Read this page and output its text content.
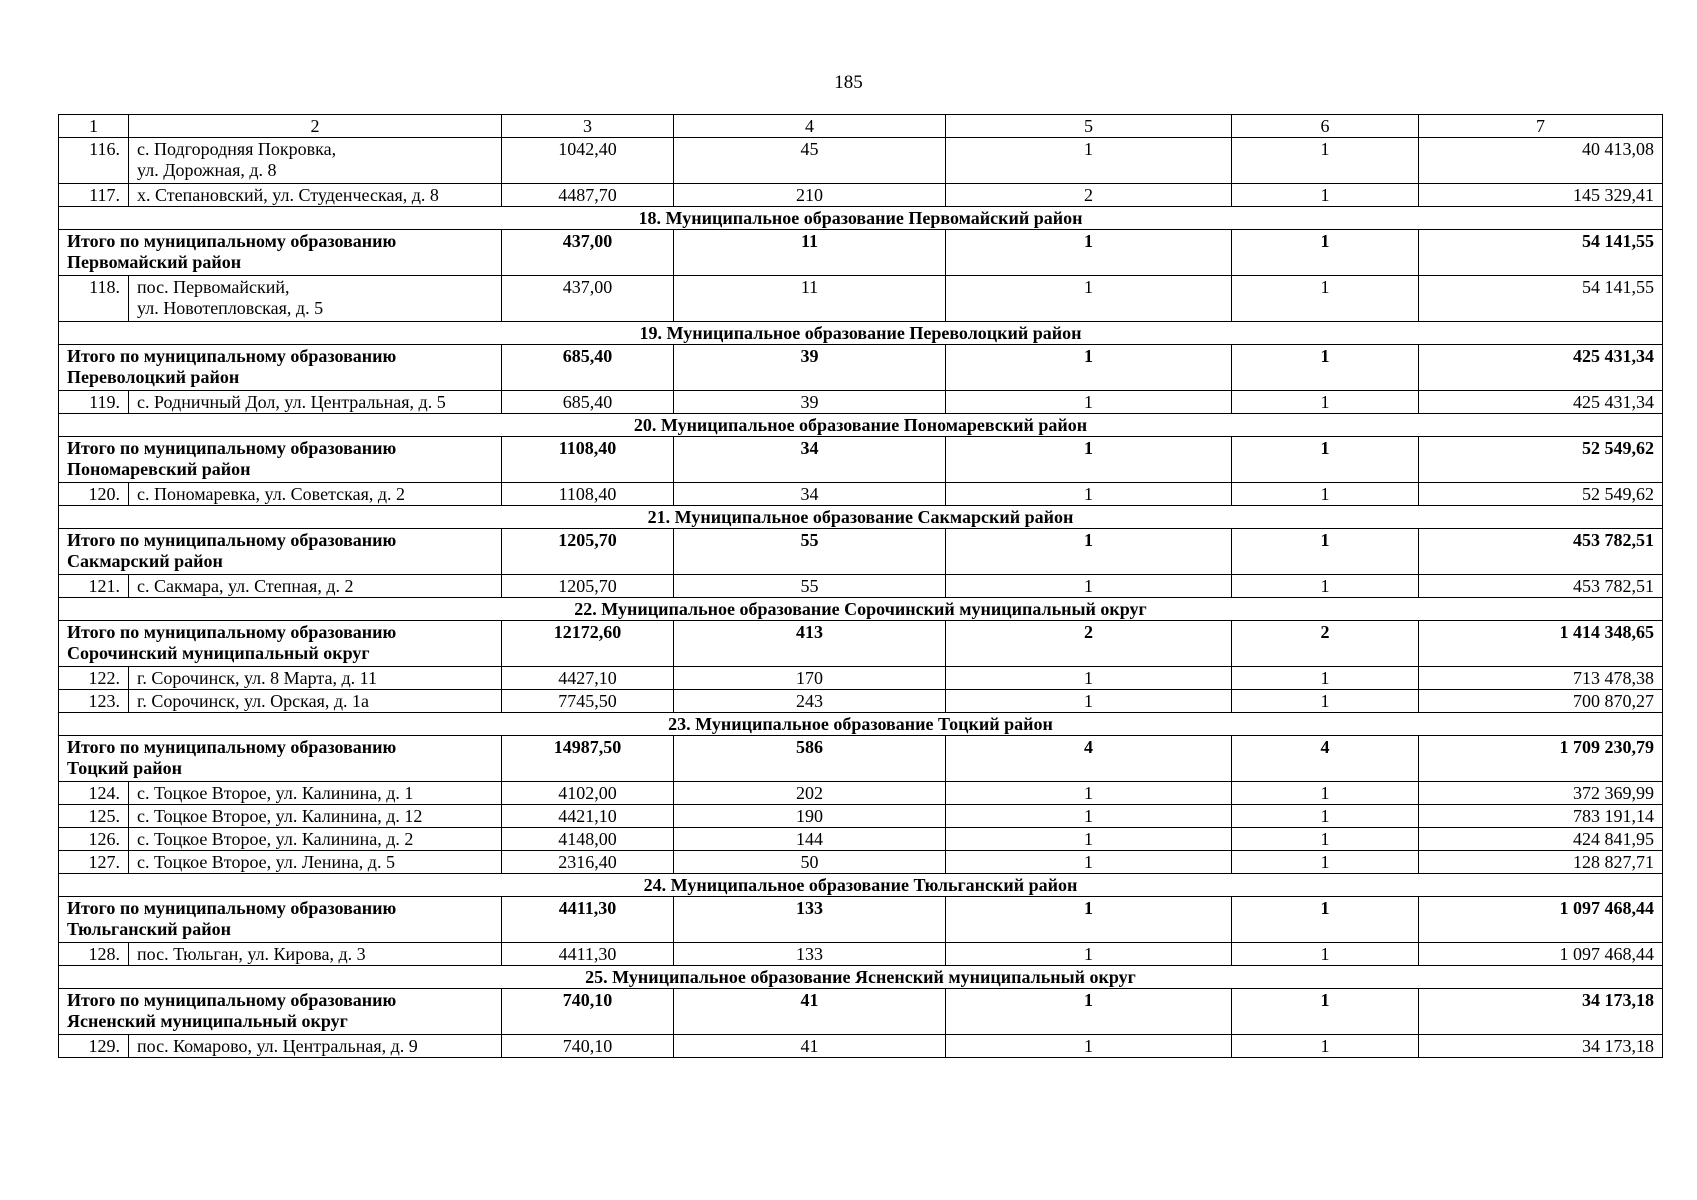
185
1	2	3	4	5	6	7
116.	с. Подгородняя Покровка,
ул. Дорожная, д. 8	1042,40	45	1	1	40 413,08
117.	х. Степановский, ул. Студенческая, д. 8	4487,70	210	2	1	145 329,41
18. Муниципальное образование Первомайский район						

Итого по муниципальному образованию
Первомайский район		437,00	11	1	1	54 141,55
118.	пос. Первомайский,
ул. Новотепловская, д. 5	437,00	11	1	1	54 141,55
19. Муниципальное образование Переволоцкий район						

Итого по муниципальному образованию
Переволоцкий район		685,40	39	1	1	425 431,34
119.	с. Родничный Дол, ул. Центральная, д. 5	685,40	39	1	1	425 431,34
20. Муниципальное образование Пономаревский район						

Итого по муниципальному образованию
Пономаревский район		1108,40	34	1	1	52 549,62
120.	с. Пономаревка, ул. Советская, д. 2	1108,40	34	1	1	52 549,62
21. Муниципальное образование Сакмарский район						

Итого по муниципальному образованию
Сакмарский район		1205,70	55	1	1	453 782,51
121.	с. Сакмара, ул. Степная, д. 2	1205,70	55	1	1	453 782,51
22. Муниципальное образование Сорочинский муниципальный округ						

Итого по муниципальному образованию
Сорочинский муниципальный округ		12172,60	413	2	2	1 414 348,65
122.	г. Сорочинск, ул. 8 Марта, д. 11	4427,10	170	1	1	713 478,38
123.	г. Сорочинск, ул. Орская, д. 1а	7745,50	243	1	1	700 870,27
23. Муниципальное образование Тоцкий район						

Итого по муниципальному образованию
Тоцкий район		14987,50	586	4	4	1 709 230,79
124.	с. Тоцкое Второе, ул. Калинина, д. 1	4102,00	202	1	1	372 369,99
125.	с. Тоцкое Второе, ул. Калинина, д. 12	4421,10	190	1	1	783 191,14
126.	с. Тоцкое Второе, ул. Калинина, д. 2	4148,00	144	1	1	424 841,95
127.	с. Тоцкое Второе, ул. Ленина, д. 5	2316,40	50	1	1	128 827,71
24. Муниципальное образование Тюльганский район						

Итого по муниципальному образованию
Тюльганский район		4411,30	133	1	1	1 097 468,44
128.	пос. Тюльган, ул. Кирова, д. 3	4411,30	133	1	1	1 097 468,44
25. Муниципальное образование Ясненский муниципальный округ						

Итого по муниципальному образованию
Ясненский муниципальный округ		740,10	41	1	1	34 173,18
129.	пос. Комарово, ул. Центральная, д. 9	740,10	41	1	1	34 173,18
